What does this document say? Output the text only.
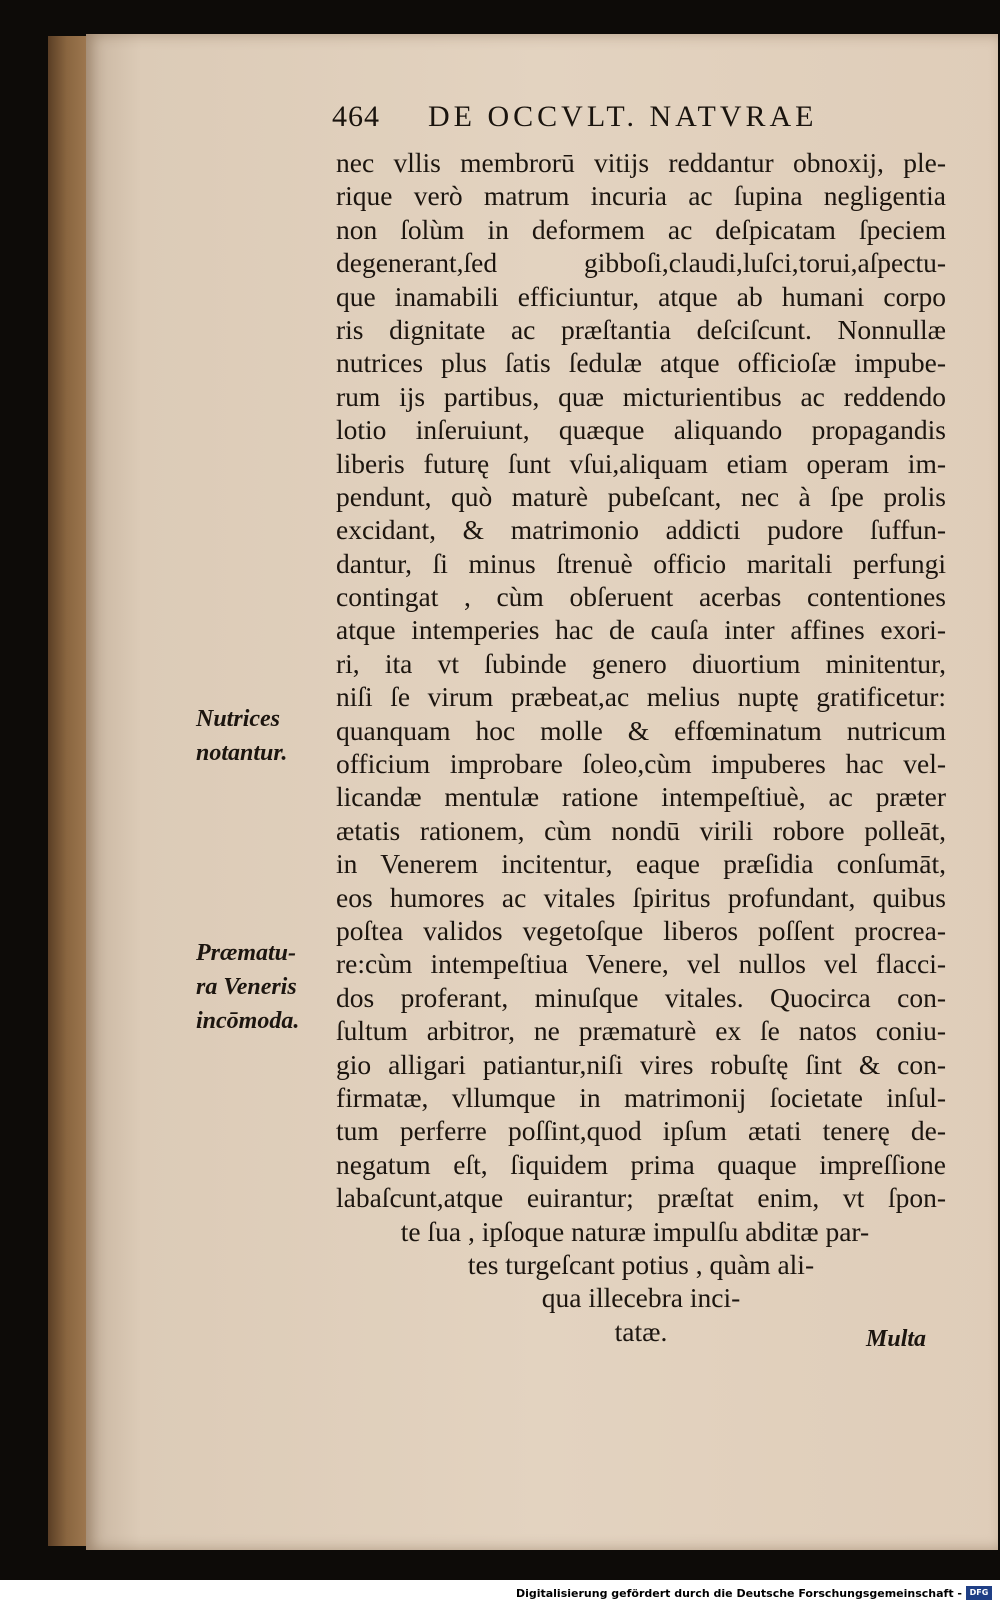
464 DE OCCVLT. NATVRAE
nec vllis membrorū vitijs reddantur obnoxij, ple-
rique verò matrum incuria ac ſupina negligentia
non ſolùm in deformem ac deſpicatam ſpeciem
degenerant,ſed gibboſi,claudi,luſci,torui,aſpectu-
que inamabili efficiuntur, atque ab humani corpo
ris dignitate ac præſtantia deſciſcunt. Nonnullæ
nutrices plus ſatis ſedulæ atque officioſæ impube-
rum ijs partibus, quæ micturientibus ac reddendo
lotio inſeruiunt, quæque aliquando propagandis
liberis futurę ſunt vſui,aliquam etiam operam im-
pendunt, quò maturè pubeſcant, nec à ſpe prolis
excidant, & matrimonio addicti pudore ſuffun-
dantur, ſi minus ſtrenuè officio maritali perfungi
contingat , cùm obſeruent acerbas contentiones
atque intemperies hac de cauſa inter affines exori-
ri, ita vt ſubinde genero diuortium minitentur,
niſi ſe virum præbeat,ac melius nuptę gratificetur:
quanquam hoc molle & effœminatum nutricum
officium improbare ſoleo,cùm impuberes hac vel-
licandæ mentulæ ratione intempeſtiuè, ac præter
ætatis rationem, cùm nondū virili robore polleāt,
in Venerem incitentur, eaque præſidia conſumāt,
eos humores ac vitales ſpiritus profundant, quibus
poſtea validos vegetoſque liberos poſſent procrea-
re:cùm intempeſtiua Venere, vel nullos vel flacci-
dos proferant, minuſque vitales. Quocirca con-
ſultum arbitror, ne præmaturè ex ſe natos coniu-
gio alligari patiantur,niſi vires robuſtę ſint & con-
firmatæ, vllumque in matrimonij ſocietate inſul-
tum perferre poſſint,quod ipſum ætati tenerę de-
negatum eſt, ſiquidem prima quaque impreſſione
labaſcunt,atque euirantur; præſtat enim, vt ſpon-
te ſua , ipſoque naturæ impulſu abditæ par-
tes turgeſcant potius , quàm ali-
qua illecebra inci-
tatæ.
Nutrices
notantur.
Præmatu-
ra Veneris
incōmoda.
Multa
Digitalisierung gefördert durch die Deutsche Forschungsgemeinschaft - DFG
